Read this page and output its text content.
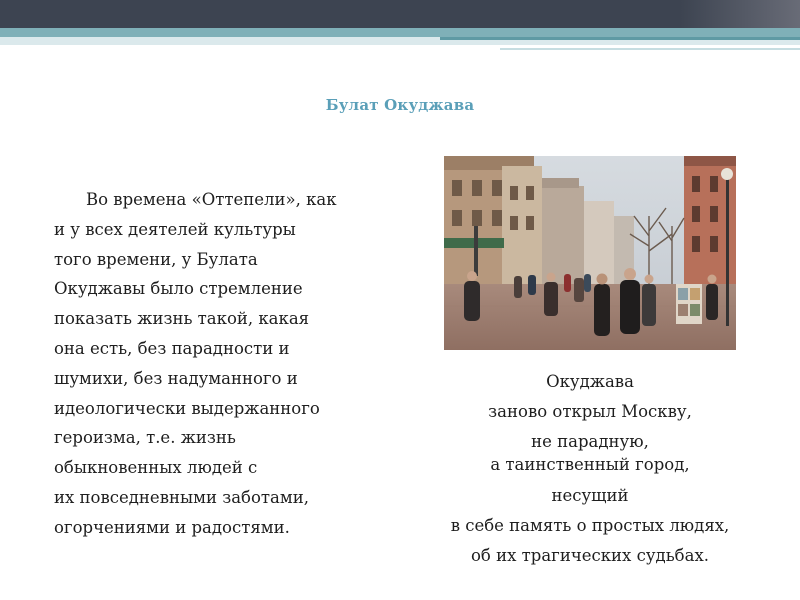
Булат Окуджава
Во времена «Оттепели», как
и у всех деятелей культуры
того времени, у Булата
Окуджавы было стремление
показать жизнь такой, какая
она есть, без парадности и
шумихи, без надуманного и
идеологически выдержанного
героизма, т.е. жизнь
обыкновенных людей с
их повседневными заботами,
огорчениями и радостями.
Окуджава
заново открыл Москву,
не парадную,
а таинственный город,
несущий
в себе память о простых людях,
об их трагических судьбах.
